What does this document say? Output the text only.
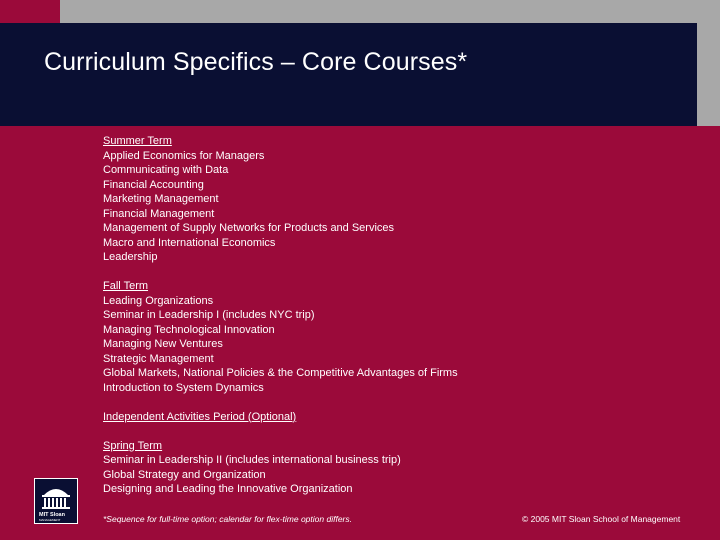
Curriculum Specifics – Core Courses*
Summer Term
Applied Economics for Managers
Communicating with Data
Financial Accounting
Marketing Management
Financial Management
Management of Supply Networks for Products and Services
Macro and International Economics
Leadership
Fall Term
Leading Organizations
Seminar in Leadership I (includes NYC trip)
Managing Technological Innovation
Managing New Ventures
Strategic Management
Global Markets, National Policies & the Competitive Advantages of Firms
Introduction to System Dynamics
Independent Activities Period (Optional)
Spring Term
Seminar in Leadership II (includes international business trip)
Global Strategy and Organization
Designing and Leading the Innovative Organization
MIT Sloan
MANAGEMENT	*Sequence for full-time option; calendar for flex-time option differs.	© 2005 MIT Sloan School of Management
